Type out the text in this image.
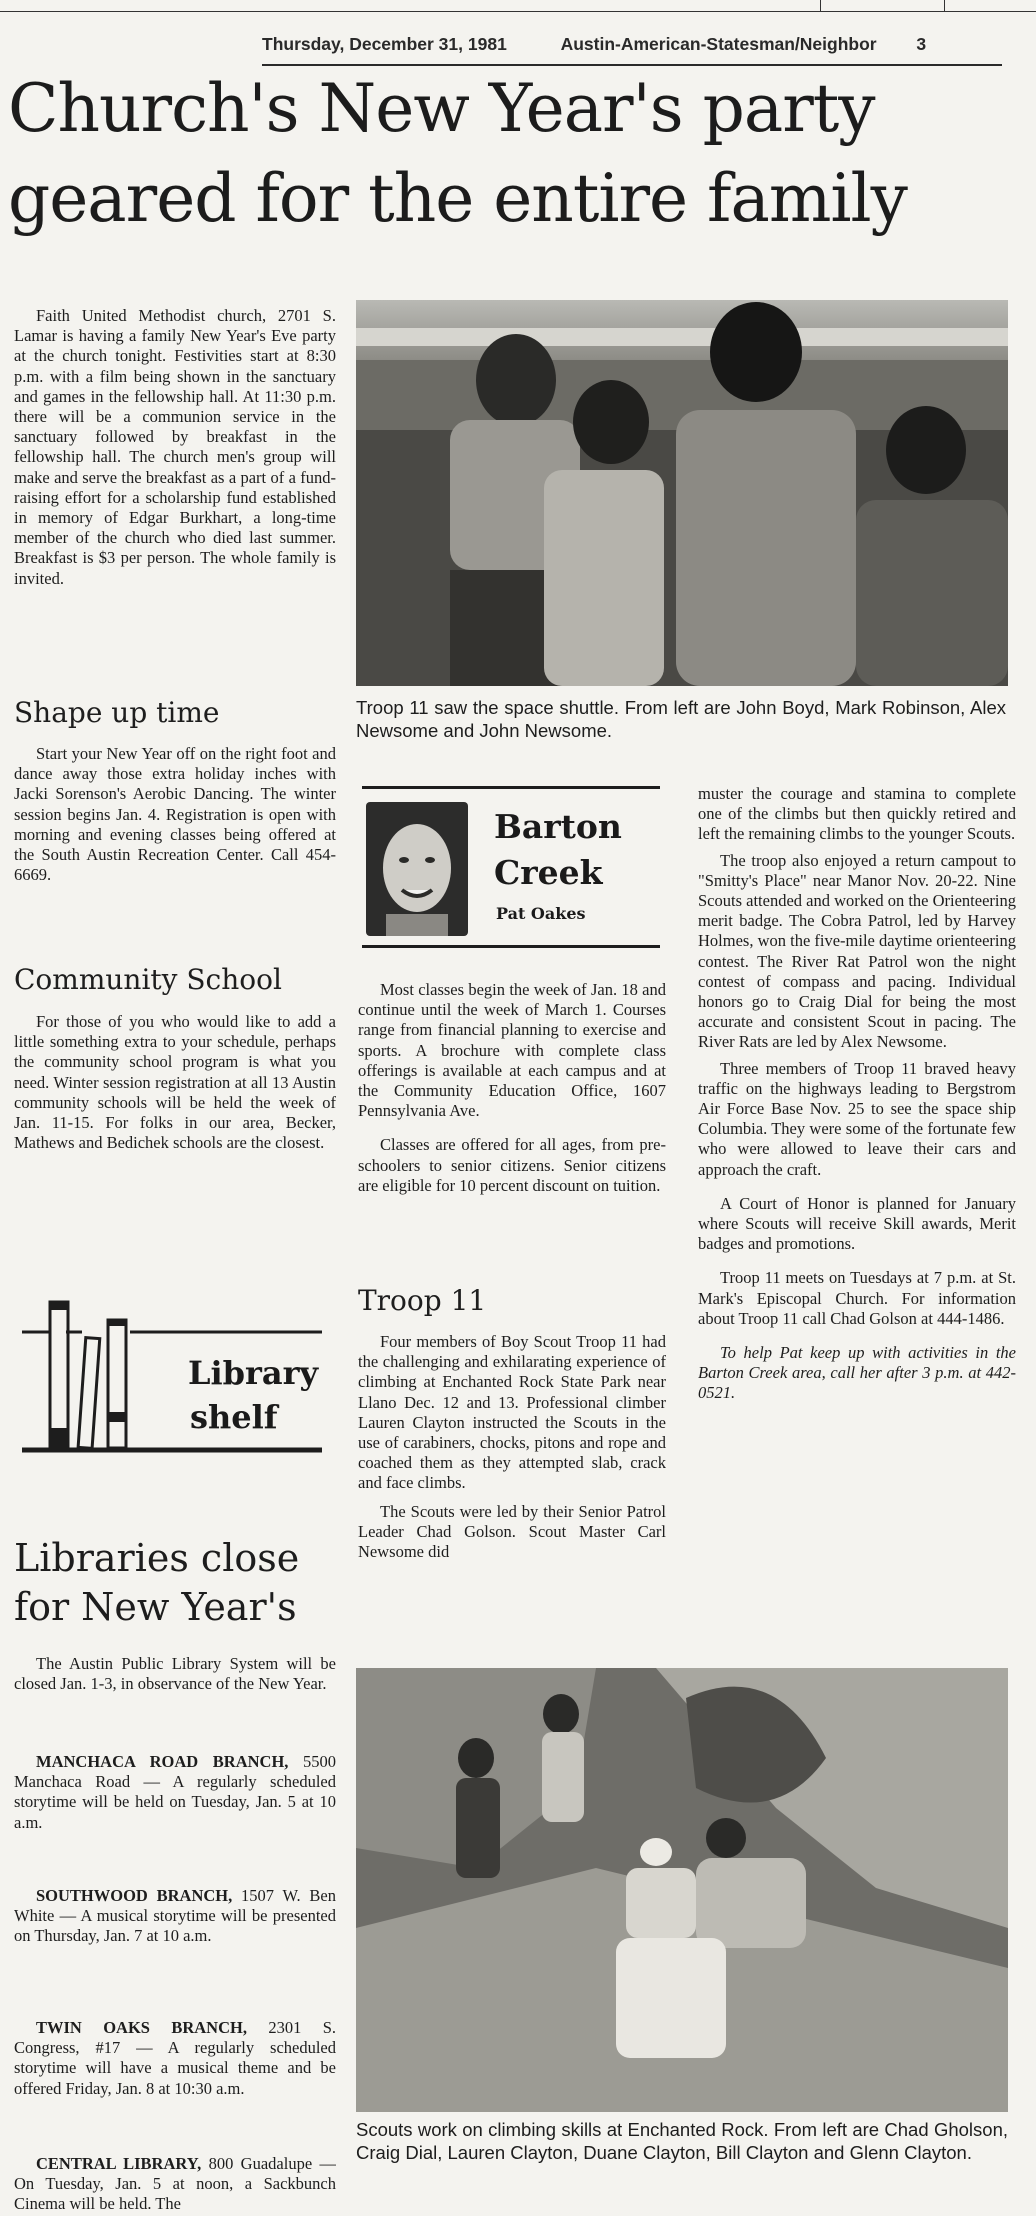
Thursday, December 31, 1981	Austin-American-Statesman/Neighbor 3
Church's New Year's party
geared for the entire family

Faith United Methodist church, 2701 S. Lamar is having a family New Year's Eve party at the church tonight. Festivities start at 8:30 p.m. with a film being shown in the sanctuary and games in the fellowship hall. At 11:30 p.m. there will be a communion service in the sanctuary followed by breakfast in the fellowship hall. The church men's group will make and serve the breakfast as a part of a fund-raising effort for a scholarship fund established in memory of Edgar Burkhart, a long-time member of the church who died last summer. Breakfast is $3 per person. The whole family is invited.

Shape up time

Start your New Year off on the right foot and dance away those extra holiday inches with Jacki Sorenson's Aerobic Dancing. The winter session begins Jan. 4. Registration is open with morning and evening classes being offered at the South Austin Recreation Center. Call 454-6669.

Community School

For those of you who would like to add a little something extra to your schedule, perhaps the community school program is what you need. Winter session registration at all 13 Austin community schools will be held the week of Jan. 11-15. For folks in our area, Becker, Mathews and Bedichek schools are the closest.

Library
shelf
Libraries close
for New Year's

The Austin Public Library System will be closed Jan. 1-3, in observance of the New Year.

MANCHACA ROAD BRANCH, 5500 Manchaca Road — A regularly scheduled storytime will be held on Tuesday, Jan. 5 at 10 a.m.

SOUTHWOOD BRANCH, 1507 W. Ben White — A musical storytime will be presented on Thursday, Jan. 7 at 10 a.m.

TWIN OAKS BRANCH, 2301 S. Congress, #17 — A regularly scheduled storytime will have a musical theme and be offered Friday, Jan. 8 at 10:30 a.m.

CENTRAL LIBRARY, 800 Guadalupe — On Tuesday, Jan. 5 at noon, a Sackbunch Cinema will be held. The

Troop 11 saw the space shuttle. From left are John Boyd, Mark Robinson, Alex Newsome and John Newsome.
Barton
Creek
Pat Oakes

Most classes begin the week of Jan. 18 and continue until the week of March 1. Courses range from financial planning to exercise and sports. A brochure with complete class offerings is available at each campus and at the Community Education Office, 1607 Pennsylvania Ave.

Classes are offered for all ages, from pre-schoolers to senior citizens. Senior citizens are eligible for 10 percent discount on tuition.

Troop 11

Four members of Boy Scout Troop 11 had the challenging and exhilarating experience of climbing at Enchanted Rock State Park near Llano Dec. 12 and 13. Professional climber Lauren Clayton instructed the Scouts in the use of carabiners, chocks, pitons and rope and coached them as they attempted slab, crack and face climbs.

The Scouts were led by their Senior Patrol Leader Chad Golson. Scout Master Carl Newsome did

muster the courage and stamina to complete one of the climbs but then quickly retired and left the remaining climbs to the younger Scouts.

The troop also enjoyed a return campout to "Smitty's Place" near Manor Nov. 20-22. Nine Scouts attended and worked on the Orienteering merit badge. The Cobra Patrol, led by Harvey Holmes, won the five-mile daytime orienteering contest. The River Rat Patrol won the night contest of compass and pacing. Individual honors go to Craig Dial for being the most accurate and consistent Scout in pacing. The River Rats are led by Alex Newsome.

Three members of Troop 11 braved heavy traffic on the highways leading to Bergstrom Air Force Base Nov. 25 to see the space ship Columbia. They were some of the fortunate few who were allowed to leave their cars and approach the craft.

A Court of Honor is planned for January where Scouts will receive Skill awards, Merit badges and promotions.

Troop 11 meets on Tuesdays at 7 p.m. at St. Mark's Episcopal Church. For information about Troop 11 call Chad Golson at 444-1486.

To help Pat keep up with activities in the Barton Creek area, call her after 3 p.m. at 442-0521.

Scouts work on climbing skills at Enchanted Rock. From left are Chad Gholson, Craig Dial, Lauren Clayton, Duane Clayton, Bill Clayton and Glenn Clayton.
